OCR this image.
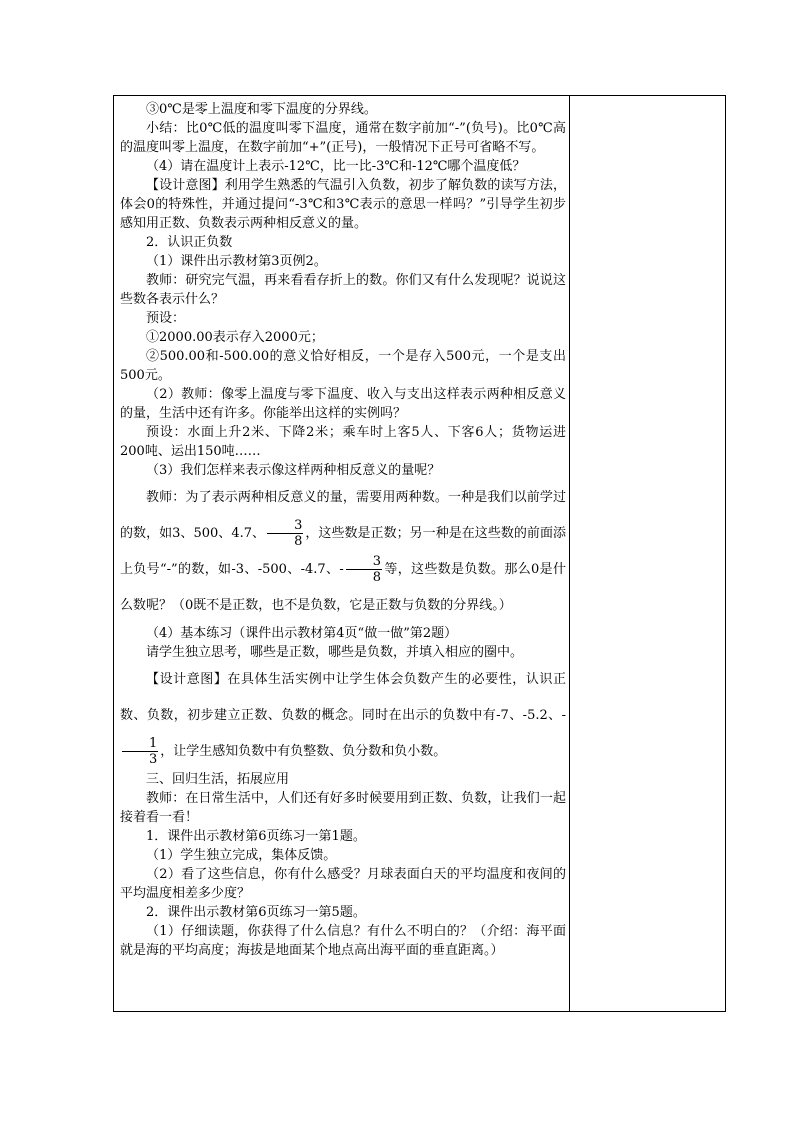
③0℃是零上温度和零下温度的分界线。

小结：比0℃低的温度叫零下温度，通常在数字前加“-”(负号)。比0℃高的温度叫零上温度，在数字前加“+”(正号)，一般情况下正号可省略不写。

（4）请在温度计上表示-12℃，比一比-3℃和-12℃哪个温度低？

【设计意图】利用学生熟悉的气温引入负数，初步了解负数的读写方法，体会0的特殊性，并通过提问“-3℃和3℃表示的意思一样吗？”引导学生初步感知用正数、负数表示两种相反意义的量。

2．认识正负数

（1）课件出示教材第3页例2。

教师：研究完气温，再来看看存折上的数。你们又有什么发现呢？说说这些数各表示什么？

预设：

①2000.00表示存入2000元；

②500.00和-500.00的意义恰好相反，一个是存入500元，一个是支出500元。

（2）教师：像零上温度与零下温度、收入与支出这样表示两种相反意义的量，生活中还有许多。你能举出这样的实例吗？

预设：水面上升2米、下降2米；乘车时上客5人、下客6人；货物运进200吨、运出150吨……

（3）我们怎样来表示像这样两种相反意义的量呢？

教师：为了表示两种相反意义的量，需要用两种数。一种是我们以前学过的数，如3、500、4.7、 $\frac{3}{8}$ ，这些数是正数；另一种是在这些数的前面添上负号“-”的数，如-3、-500、-4.7、- $\frac{3}{8}$ 等，这些数是负数。那么0是什么数呢？（0既不是正数，也不是负数，它是正数与负数的分界线。）

（4）基本练习（课件出示教材第4页“做一做”第2题）

请学生独立思考，哪些是正数，哪些是负数，并填入相应的圈中。

【设计意图】在具体生活实例中让学生体会负数产生的必要性，认识正数、负数，初步建立正数、负数的概念。同时在出示的负数中有-7、-5.2、-
$\frac{1}{3}$ ，让学生感知负数中有负整数、负分数和负小数。

三、回归生活，拓展应用

教师：在日常生活中，人们还有好多时候要用到正数、负数，让我们一起接着看一看！

1．课件出示教材第6页练习一第1题。

（1）学生独立完成，集体反馈。

（2）看了这些信息，你有什么感受？月球表面白天的平均温度和夜间的平均温度相差多少度？

2．课件出示教材第6页练习一第5题。

（1）仔细读题，你获得了什么信息？有什么不明白的？（介绍：海平面就是海的平均高度；海拔是地面某个地点高出海平面的垂直距离。）
